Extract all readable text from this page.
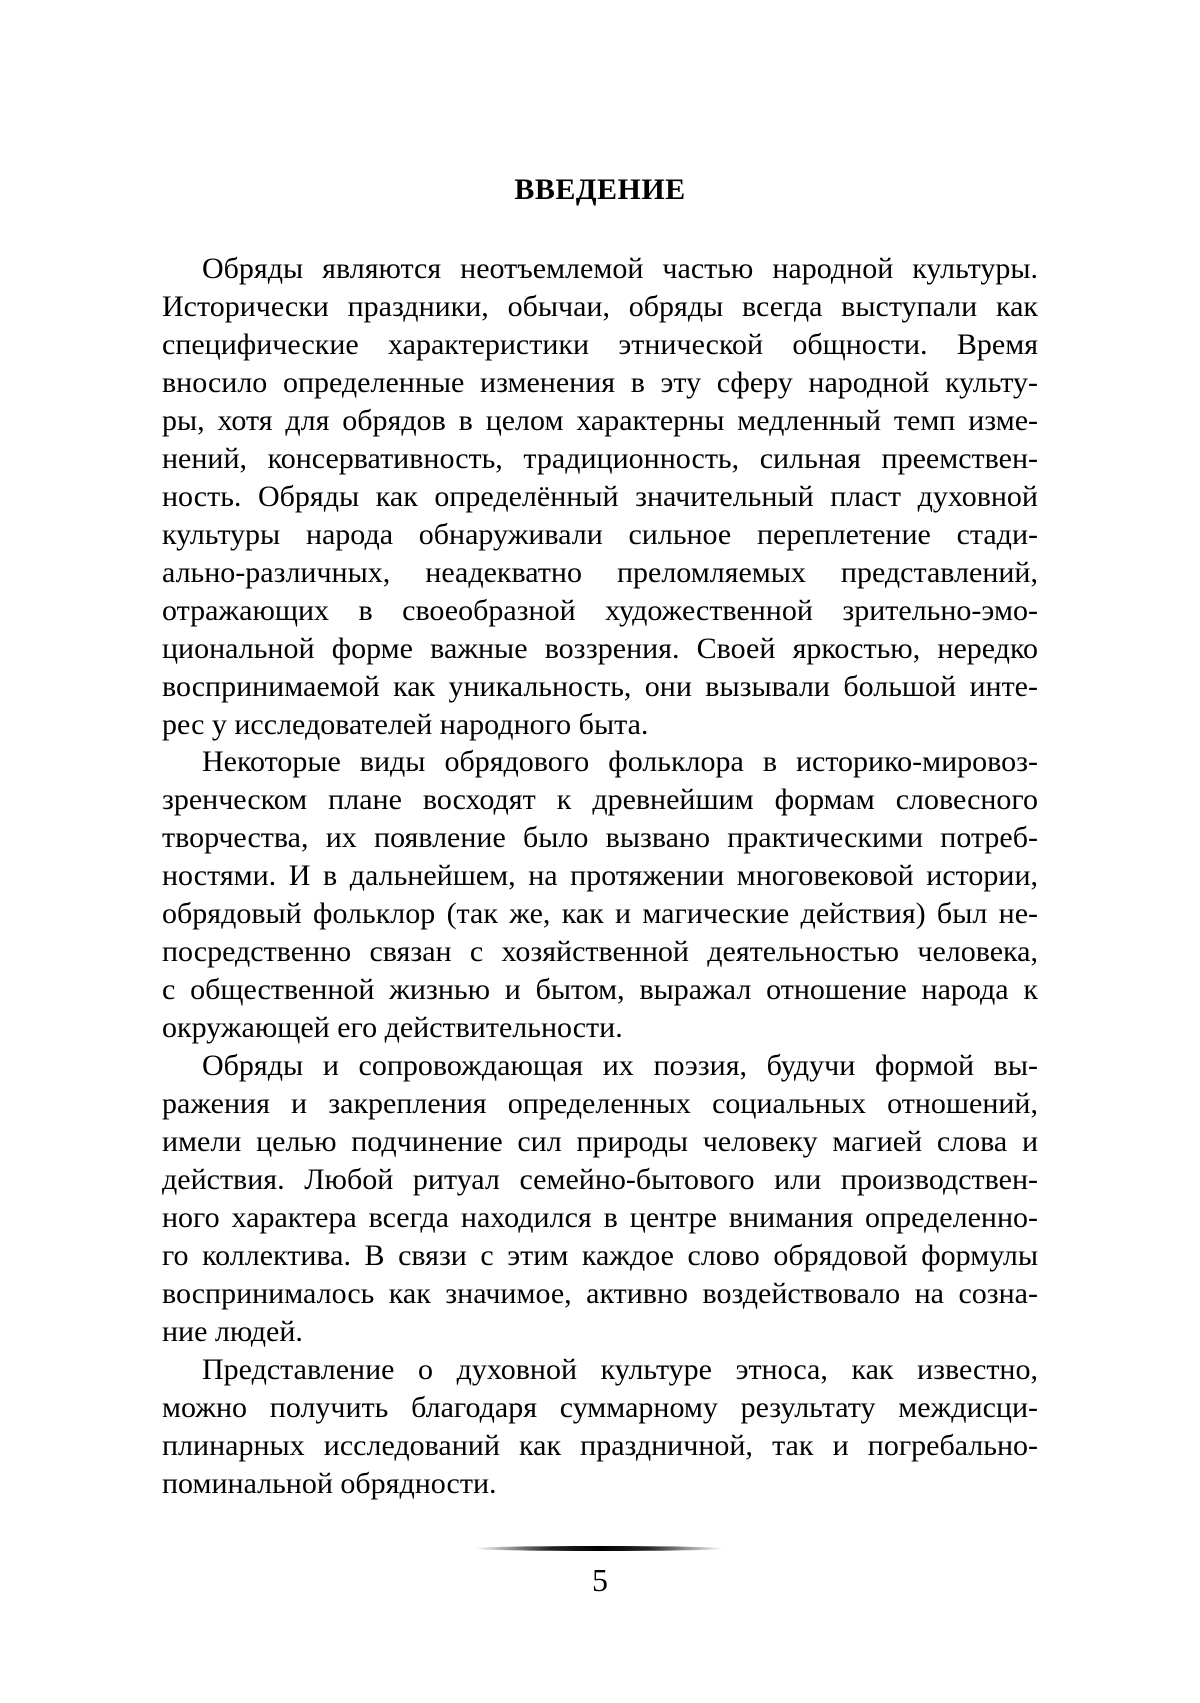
ВВЕДЕНИЕ
Обряды являются неотъемлемой частью народной культуры.
Исторически праздники, обычаи, обряды всегда выступали как
специфические характеристики этнической общности. Время
вносило определенные изменения в эту сферу народной культу-
ры, хотя для обрядов в целом характерны медленный темп изме-
нений, консервативность, традиционность, сильная преемствен-
ность. Обряды как определённый значительный пласт духовной
культуры народа обнаруживали сильное переплетение стади-
ально-различных, неадекватно преломляемых представлений,
отражающих в своеобразной художественной зрительно-эмо-
циональной форме важные воззрения. Своей яркостью, нередко
воспринимаемой как уникальность, они вызывали большой инте-
рес у исследователей народного быта.
Некоторые виды обрядового фольклора в историко-мировоз-
зренческом плане восходят к древнейшим формам словесного
творчества, их появление было вызвано практическими потреб-
ностями. И в дальнейшем, на протяжении многовековой истории,
обрядовый фольклор (так же, как и магические действия) был не-
посредственно связан с хозяйственной деятельностью человека,
с общественной жизнью и бытом, выражал отношение народа к
окружающей его действительности.
Обряды и сопровождающая их поэзия, будучи формой вы-
ражения и закрепления определенных социальных отношений,
имели целью подчинение сил природы человеку магией слова и
действия. Любой ритуал семейно-бытового или производствен-
ного характера всегда находился в центре внимания определенно-
го коллектива. В связи с этим каждое слово обрядовой формулы
воспринималось как значимое, активно воздействовало на созна-
ние людей.
Представление о духовной культуре этноса, как известно,
можно получить благодаря суммарному результату междисци-
плинарных исследований как праздничной, так и погребально-
поминальной обрядности.
5
